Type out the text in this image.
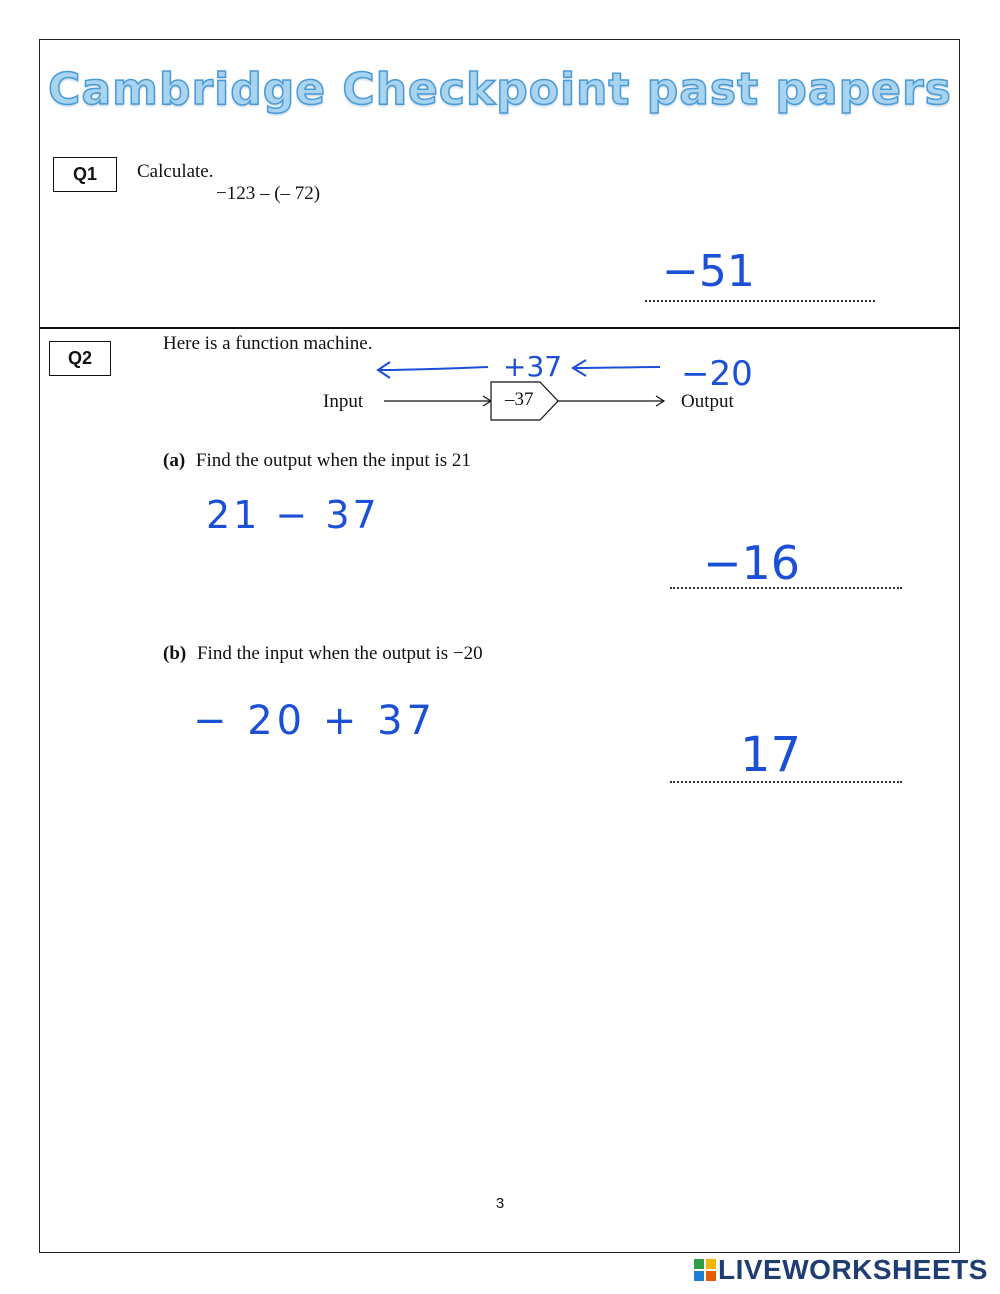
Cambridge Checkpoint past papers
Q1	Calculate.
−123 – (– 72)
−51
Q2
Here is a function machine.
Input	–37	Output
+37	−20
(a) Find the output when the input is 21
21 − 37
−16
(b) Find the input when the output is −20
− 20 + 37
17
3
LIVEWORKSHEETS
